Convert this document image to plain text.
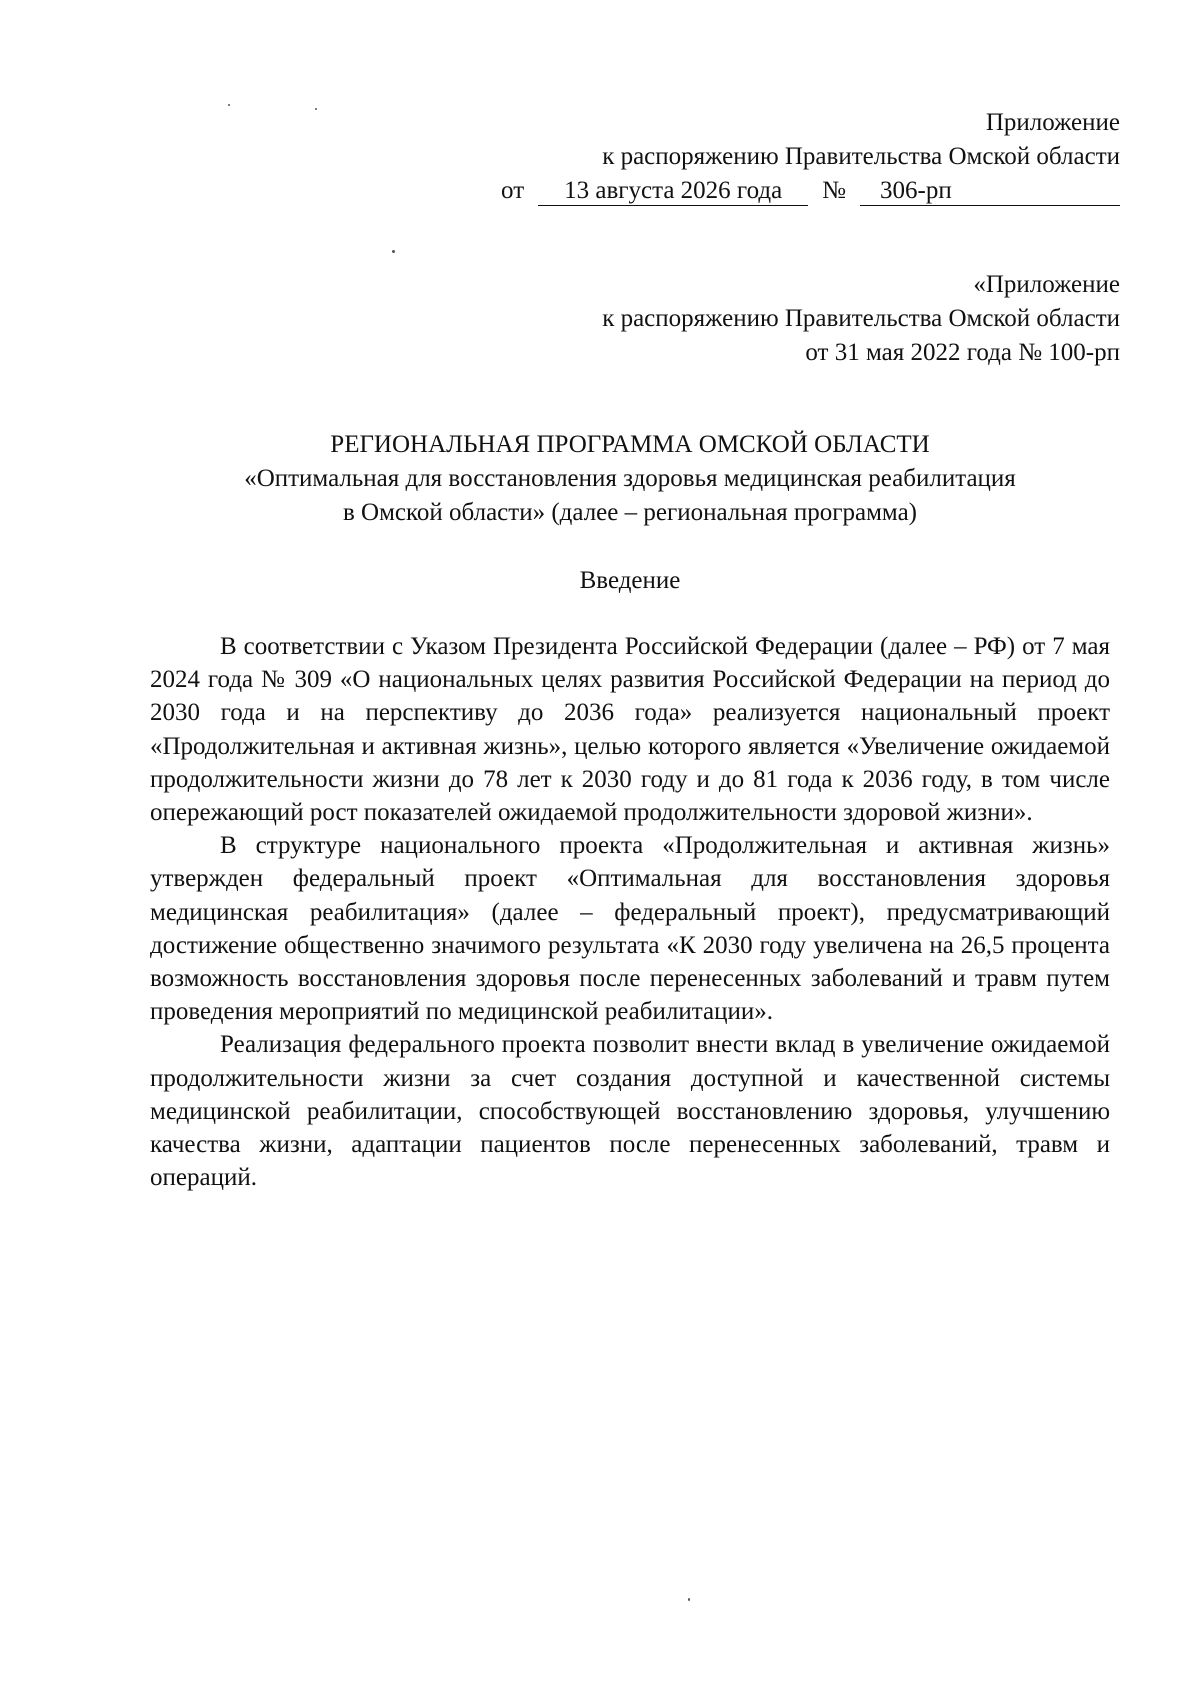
Приложение
к распоряжению Правительства Омской области
от 13 августа 2026 года № 306-рп
«Приложение
к распоряжению Правительства Омской области
от 31 мая 2022 года № 100-рп
РЕГИОНАЛЬНАЯ ПРОГРАММА ОМСКОЙ ОБЛАСТИ
«Оптимальная для восстановления здоровья медицинская реабилитация
в Омской области» (далее – региональная программа)
Введение

В соответствии с Указом Президента Российской Федерации (далее – РФ) от 7 мая 2024 года № 309 «О национальных целях развития Российской Федерации на период до 2030 года и на перспективу до 2036 года» реализуется национальный проект «Продолжительная и активная жизнь», целью которого является «Увеличение ожидаемой продолжительности жизни до 78 лет к 2030 году и до 81 года к 2036 году, в том числе опережающий рост показателей ожидаемой продолжительности здоровой жизни».

В структуре национального проекта «Продолжительная и активная жизнь» утвержден федеральный проект «Оптимальная для восстановления здоровья медицинская реабилитация» (далее – федеральный проект), предусматривающий достижение общественно значимого результата «К 2030 году увеличена на 26,5 процента возможность восстановления здоровья после перенесенных заболеваний и травм путем проведения мероприятий по медицинской реабилитации».

Реализация федерального проекта позволит внести вклад в увеличение ожидаемой продолжительности жизни за счет создания доступной и качественной системы медицинской реабилитации, способствующей восстановлению здоровья, улучшению качества жизни, адаптации пациентов после перенесенных заболеваний, травм и операций.
